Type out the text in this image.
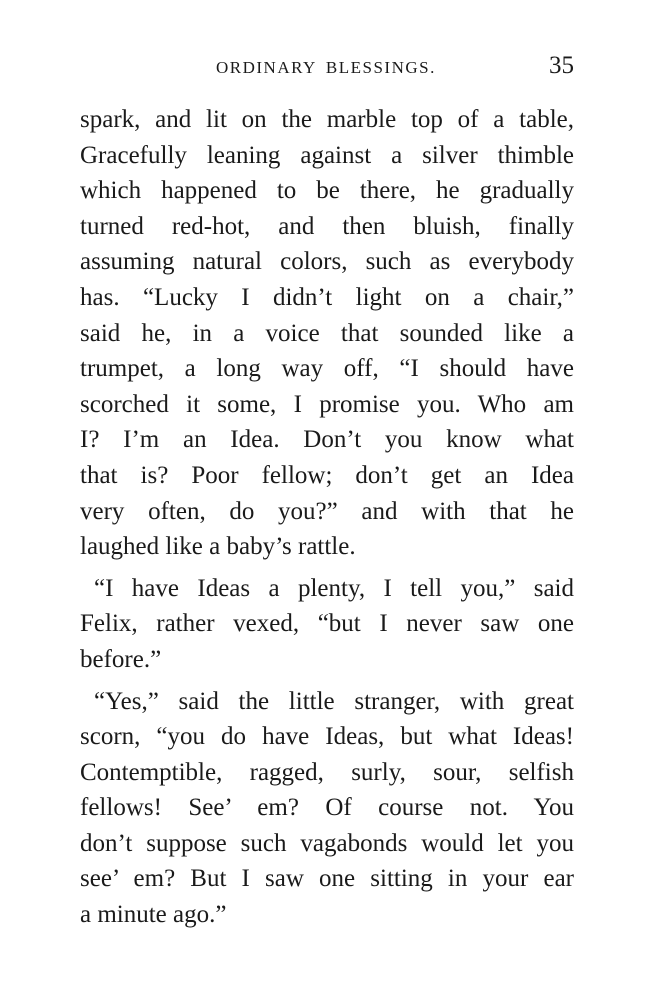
ORDINARY BLESSINGS.	35
spark, and lit on the marble top of a table,
Gracefully leaning against a silver thimble
which happened to be there, he gradually
turned red-hot, and then bluish, finally
assuming natural colors, such as everybody
has. “Lucky I didn’t light on a chair,”
said he, in a voice that sounded like a
trumpet, a long way off, “I should have
scorched it some, I promise you. Who am
I? I’m an Idea. Don’t you know what
that is? Poor fellow; don’t get an Idea
very often, do you?” and with that he
laughed like a baby’s rattle.
“I have Ideas a plenty, I tell you,” said
Felix, rather vexed, “but I never saw one
before.”
“Yes,” said the little stranger, with great
scorn, “you do have Ideas, but what Ideas!
Contemptible, ragged, surly, sour, selfish
fellows! See’ em? Of course not. You
don’t suppose such vagabonds would let you
see’ em? But I saw one sitting in your ear
a minute ago.”
